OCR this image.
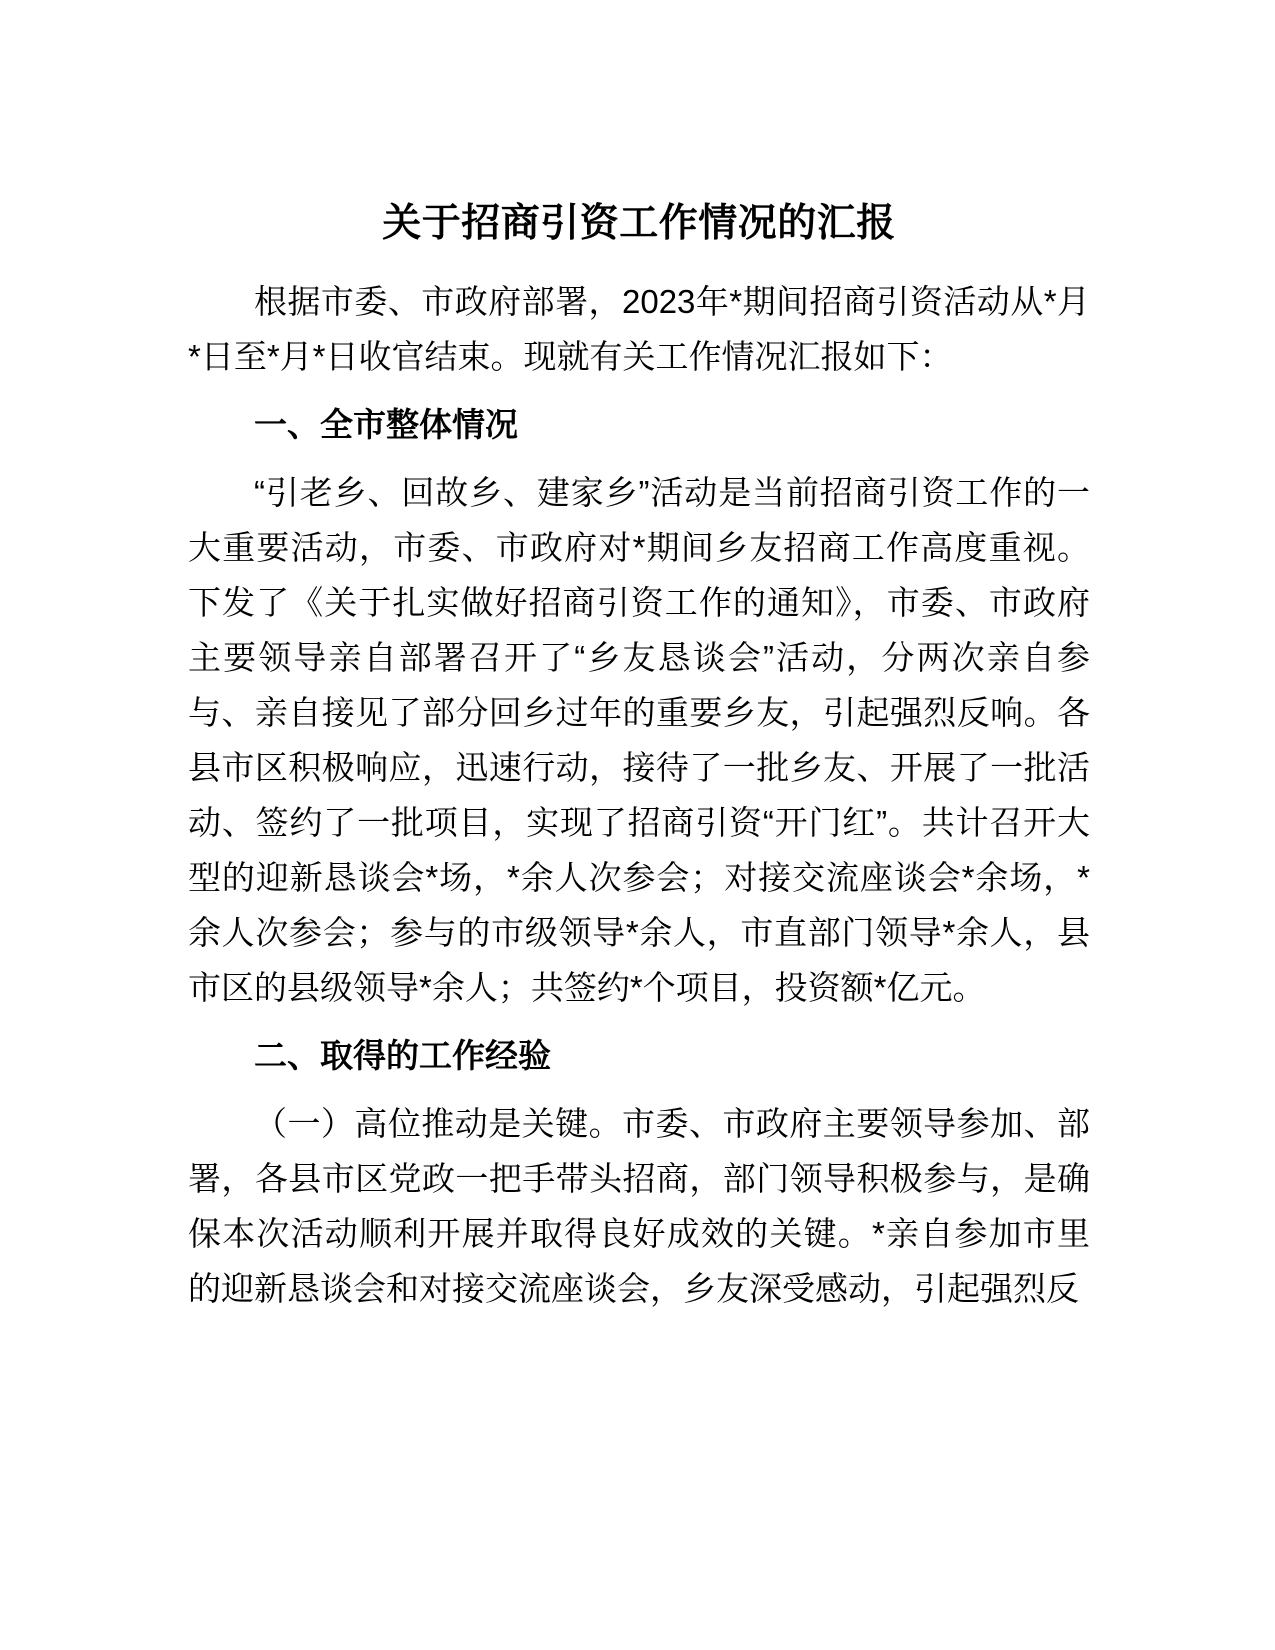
关于招商引资工作情况的汇报

根据市委、市政府部署，2023年*期间招商引资活动从*月*日至*月*日收官结束。现就有关工作情况汇报如下：

一、全市整体情况

“引老乡、回故乡、建家乡”活动是当前招商引资工作的一大重要活动，市委、市政府对*期间乡友招商工作高度重视。下发了《关于扎实做好招商引资工作的通知》，市委、市政府主要领导亲自部署召开了“乡友恳谈会”活动，分两次亲自参与、亲自接见了部分回乡过年的重要乡友，引起强烈反响。各县市区积极响应，迅速行动，接待了一批乡友、开展了一批活动、签约了一批项目，实现了招商引资“开门红”。共计召开大型的迎新恳谈会*场，*余人次参会；对接交流座谈会*余场，*余人次参会；参与的市级领导*余人，市直部门领导*余人，县市区的县级领导*余人；共签约*个项目，投资额*亿元。

二、取得的工作经验

（一）高位推动是关键。市委、市政府主要领导参加、部署，各县市区党政一把手带头招商，部门领导积极参与，是确保本次活动顺利开展并取得良好成效的关键。*亲自参加市里的迎新恳谈会和对接交流座谈会，乡友深受感动，引起强烈反
